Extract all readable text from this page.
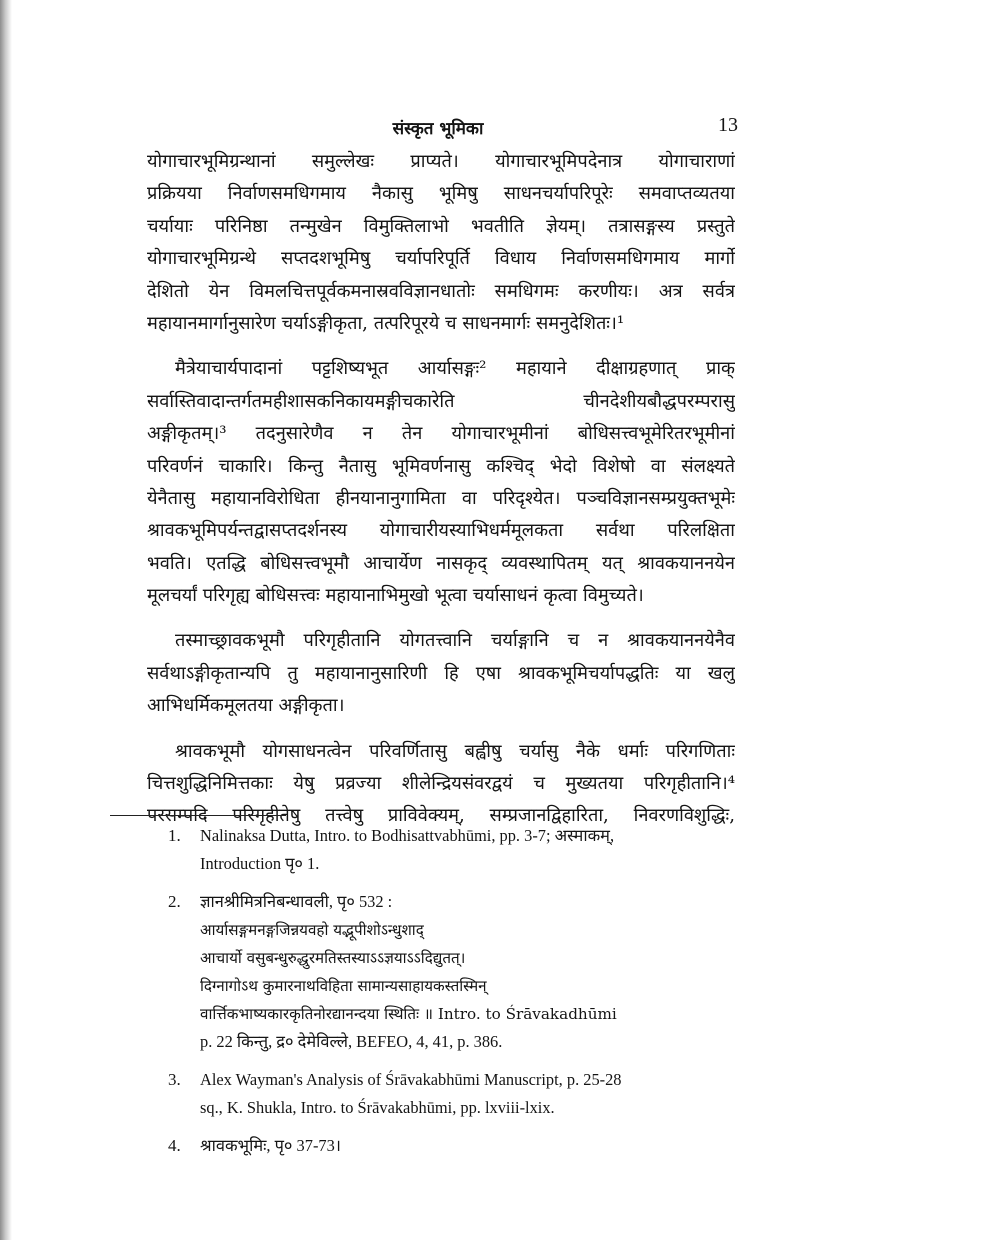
संस्कृत भूमिका	13

योगाचारभूमिग्रन्थानां समुल्लेखः प्राप्यते। योगाचारभूमिपदेनात्र योगाचाराणां
प्रक्रियया निर्वाणसमधिगमाय नैकासु भूमिषु साधनचर्यापरिपूरेः समवाप्तव्यतया
चर्यायाः परिनिष्ठा तन्मुखेन विमुक्तिलाभो भवतीति ज्ञेयम्। तत्रासङ्गस्य प्रस्तुते
योगाचारभूमिग्रन्थे सप्तदशभूमिषु चर्यापरिपूर्ति विधाय निर्वाणसमधिगमाय मार्गो
देशितो येन विमलचित्तपूर्वकमनास्रवविज्ञानधातोः समधिगमः करणीयः। अत्र सर्वत्र
महायानमार्गानुसारेण चर्याऽङ्गीकृता, तत्परिपूरये च साधनमार्गः समनुदेशितः।¹

मैत्रेयाचार्यपादानां पट्टशिष्यभूत आर्यासङ्गः² महायाने दीक्षाग्रहणात् प्राक्
सर्वास्तिवादान्तर्गतमहीशासकनिकायमङ्गीचकारेति चीनदेशीयबौद्धपरम्परासु
अङ्गीकृतम्।³ तदनुसारेणैव न तेन योगाचारभूमीनां बोधिसत्त्वभूमेरितरभूमीनां
परिवर्णनं चाकारि। किन्तु नैतासु भूमिवर्णनासु कश्चिद् भेदो विशेषो वा संलक्ष्यते
येनैतासु महायानविरोधिता हीनयानानुगामिता वा परिदृश्येत। पञ्चविज्ञानसम्प्रयुक्तभूमेः
श्रावकभूमिपर्यन्तद्वासप्तदर्शनस्य योगाचारीयस्याभिधर्ममूलकता सर्वथा परिलक्षिता
भवति। एतद्धि बोधिसत्त्वभूमौ आचार्येण नासकृद् व्यवस्थापितम् यत् श्रावकयाननयेन
मूलचर्यां परिगृह्य बोधिसत्त्वः महायानाभिमुखो भूत्वा चर्यासाधनं कृत्वा विमुच्यते।

तस्माच्छ्रावकभूमौ परिगृहीतानि योगतत्त्वानि चर्याङ्गानि च न श्रावकयाननयेनैव
सर्वथाऽङ्गीकृतान्यपि तु महायानानुसारिणी हि एषा श्रावकभूमिचर्यापद्धतिः या खलु
आभिधर्मिकमूलतया अङ्गीकृता।

श्रावकभूमौ योगसाधनत्वेन परिवर्णितासु बह्वीषु चर्यासु नैके धर्माः परिगणिताः
चित्तशुद्धिनिमित्तकाः येषु प्रव्रज्या शीलेन्द्रियसंवरद्वयं च मुख्यतया परिगृहीतानि।⁴
परसम्पदि परिगृहीतेषु तत्त्वेषु प्राविवेक्यम्, सम्प्रजानद्विहारिता, निवरणविशुद्धिः,

1. Nalinaksa Dutta, Intro. to Bodhisattvabhūmi, pp. 3-7; अस्माकम्,
Introduction पृ० 1.
2. ज्ञानश्रीमित्रनिबन्धावली, पृ० 532 :
आर्यासङ्गमनङ्गजिन्नयवहो यद्भूपीशोऽन्धुशाद्
आचार्यो वसुबन्धुरुद्धुरमतिस्तस्याऽऽज्ञयाऽऽदिद्युतत्।
दिग्नागोऽथ कुमारनाथविहिता सामान्यसाहायकस्तस्मिन्
वार्त्तिकभाष्यकारकृतिनोरद्यानन्दया स्थितिः ॥ Intro. to Śrāvakadhūmi
p. 22 किन्तु, द्र० देमेविल्ले, BEFEO, 4, 41, p. 386.
3. Alex Wayman's Analysis of Śrāvakabhūmi Manuscript, p. 25-28
sq., K. Shukla, Intro. to Śrāvakabhūmi, pp. lxviii-lxix.
4. श्रावकभूमिः, पृ० 37-73।
